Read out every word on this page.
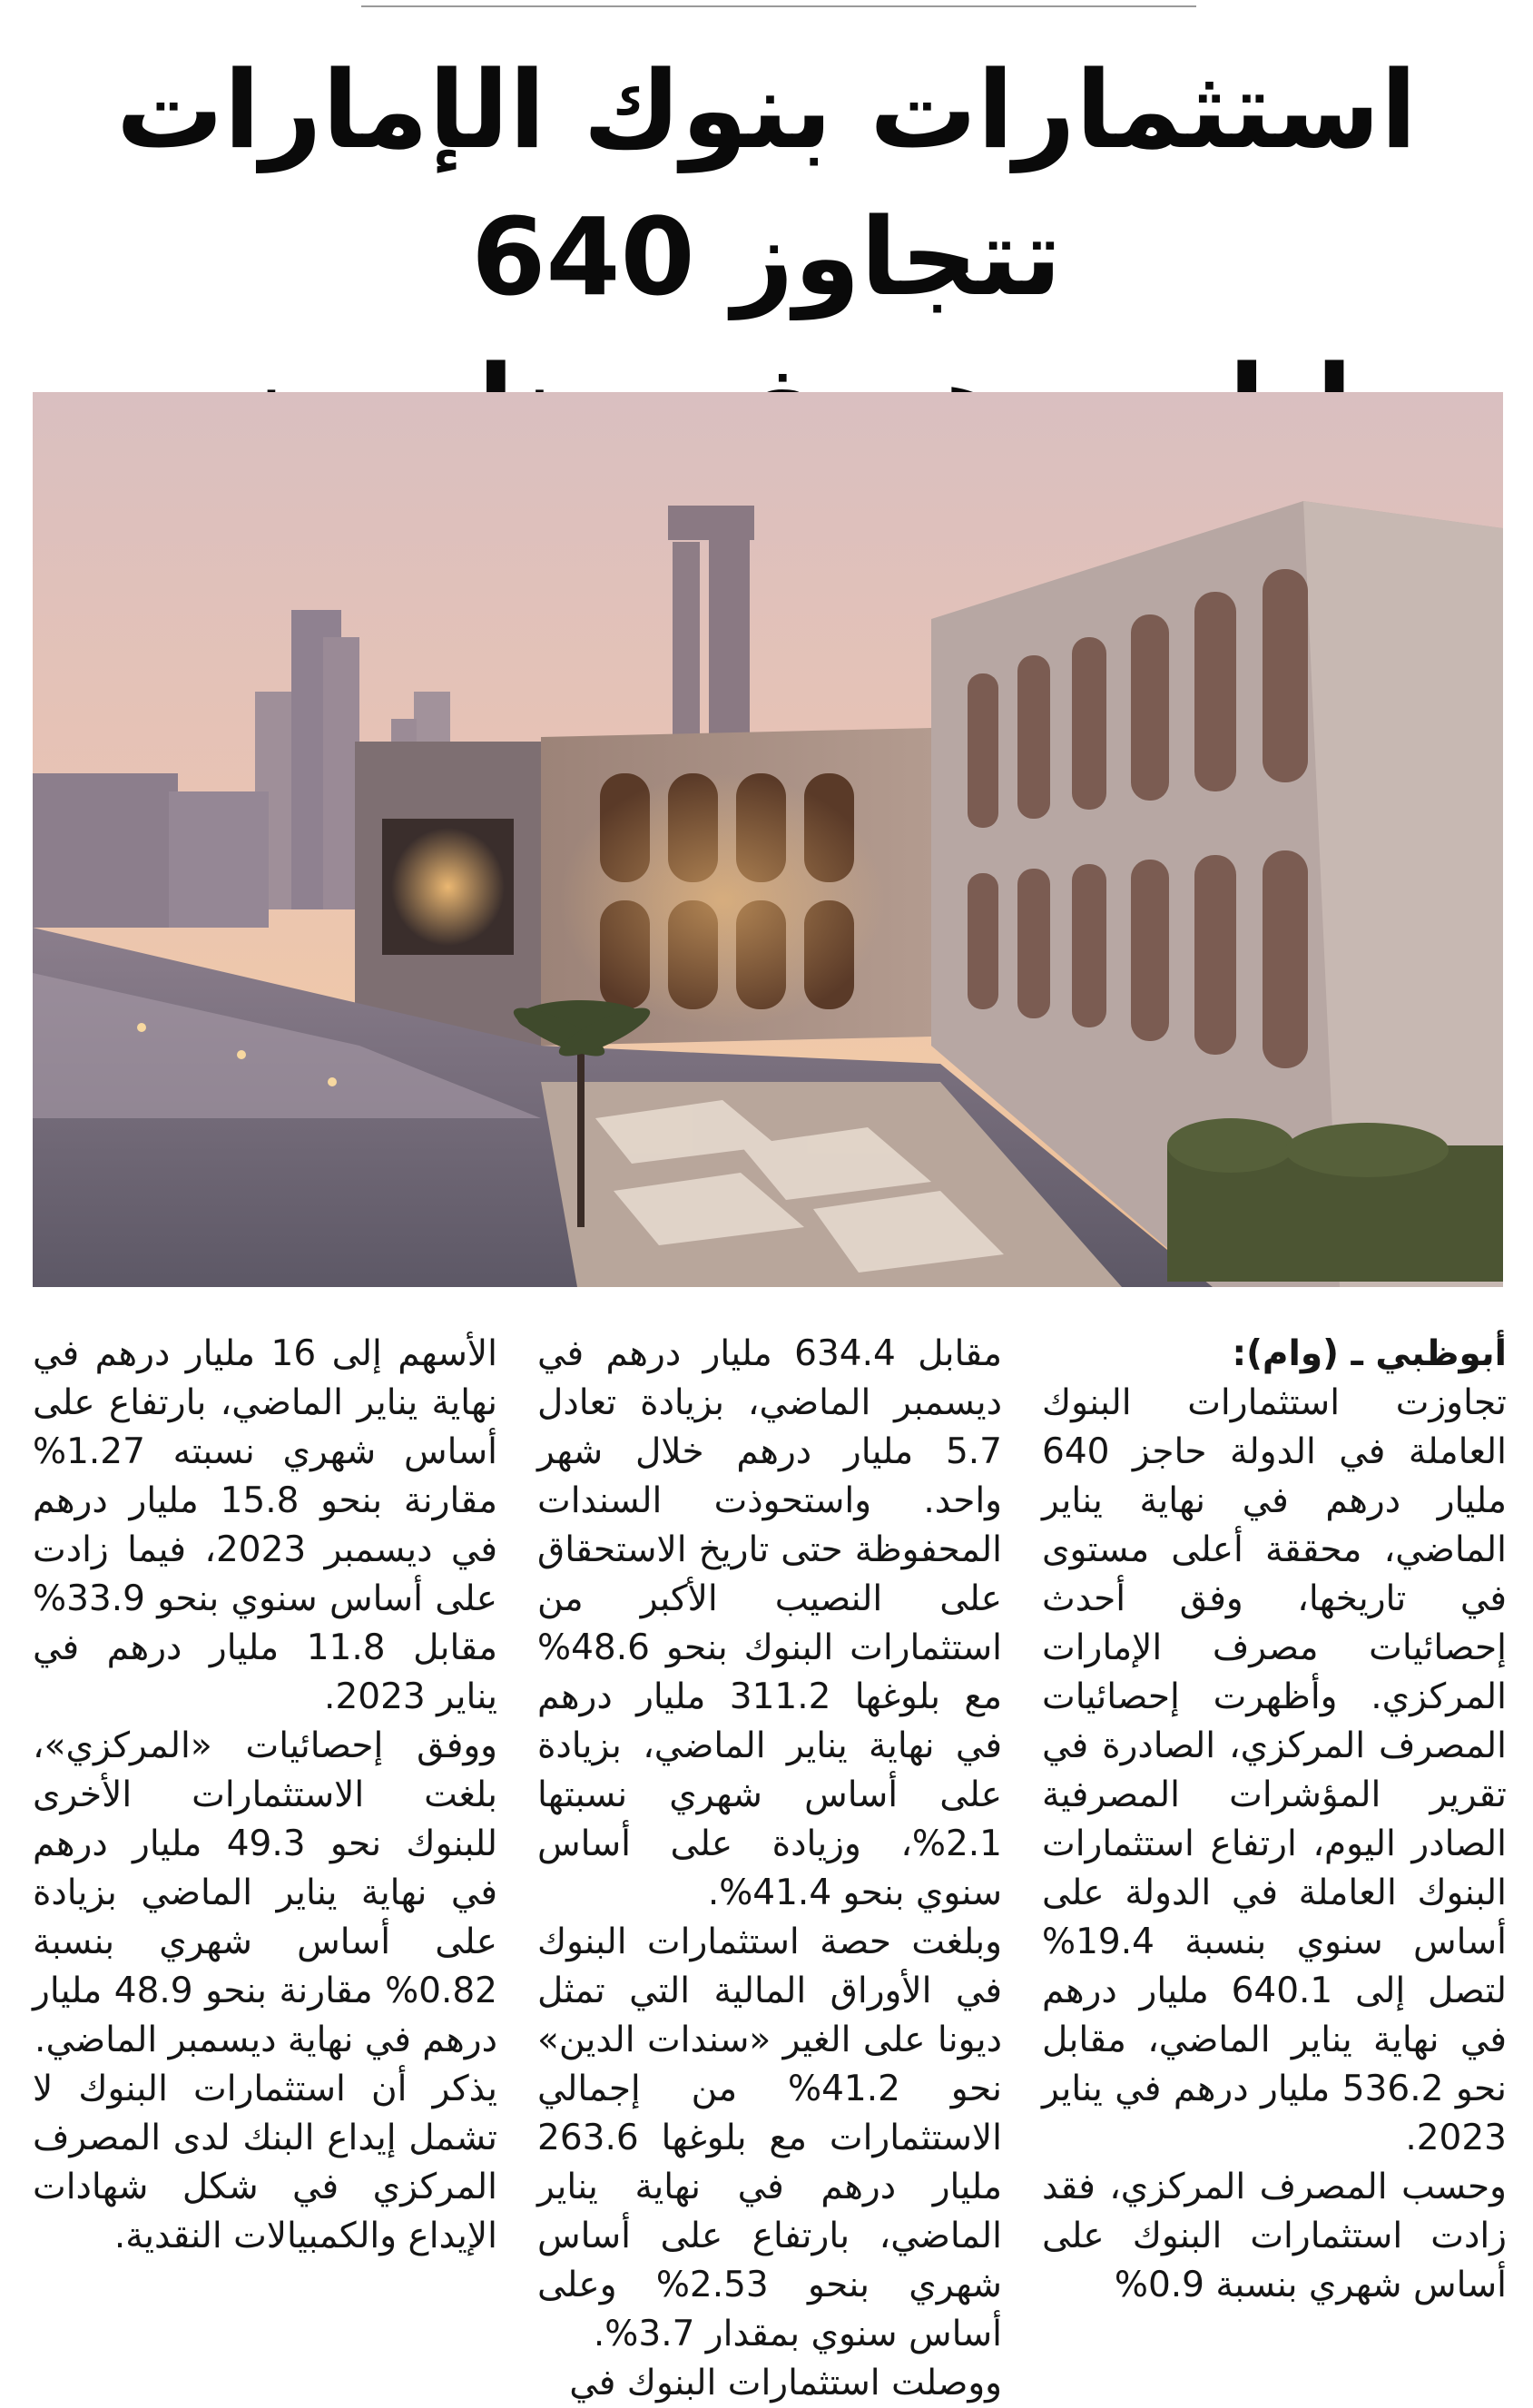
استثمارات بنوك الإمارات تتجاوز 640

أبوظبي ـ (وام):

تجاوزت استثمارات البنوك العاملة في الدولة حاجز 640 مليار درهم في نهاية يناير الماضي، محققة أعلى مستوى في تاريخها، وفق أحدث إحصائيات مصرف الإمارات المركزي. وأظهرت إحصائيات المصرف المركزي، الصادرة في تقرير المؤشرات المصرفية الصادر اليوم، ارتفاع استثمارات البنوك العاملة في الدولة على أساس سنوي بنسبة 19.4% لتصل إلى 640.1 مليار درهم في نهاية يناير الماضي، مقابل نحو 536.2 مليار درهم في يناير 2023.

وحسب المصرف المركزي، فقد زادت استثمارات البنوك على أساس شهري بنسبة 0.9%

مقابل 634.4 مليار درهم في ديسمبر الماضي، بزيادة تعادل 5.7 مليار درهم خلال شهر واحد. واستحوذت السندات المحفوظة حتى تاريخ الاستحقاق على النصيب الأكبر من استثمارات البنوك بنحو 48.6% مع بلوغها 311.2 مليار درهم في نهاية يناير الماضي، بزيادة على أساس شهري نسبتها 2.1%، وزيادة على أساس سنوي بنحو 41.4%.

وبلغت حصة استثمارات البنوك في الأوراق المالية التي تمثل ديونا على الغير «سندات الدين» نحو 41.2% من إجمالي الاستثمارات مع بلوغها 263.6 مليار درهم في نهاية يناير الماضي، بارتفاع على أساس شهري بنحو 2.53% وعلى أساس سنوي بمقدار 3.7%.

ووصلت استثمارات البنوك في

الأسهم إلى 16 مليار درهم في نهاية يناير الماضي، بارتفاع على أساس شهري نسبته 1.27% مقارنة بنحو 15.8 مليار درهم في ديسمبر 2023، فيما زادت على أساس سنوي بنحو 33.9% مقابل 11.8 مليار درهم في يناير 2023.

ووفق إحصائيات «المركزي»، بلغت الاستثمارات الأخرى للبنوك نحو 49.3 مليار درهم في نهاية يناير الماضي بزيادة على أساس شهري بنسبة 0.82% مقارنة بنحو 48.9 مليار درهم في نهاية ديسمبر الماضي.

يذكر أن استثمارات البنوك لا تشمل إيداع البنك لدى المصرف المركزي في شكل شهادات الإيداع والكمبيالات النقدية.
